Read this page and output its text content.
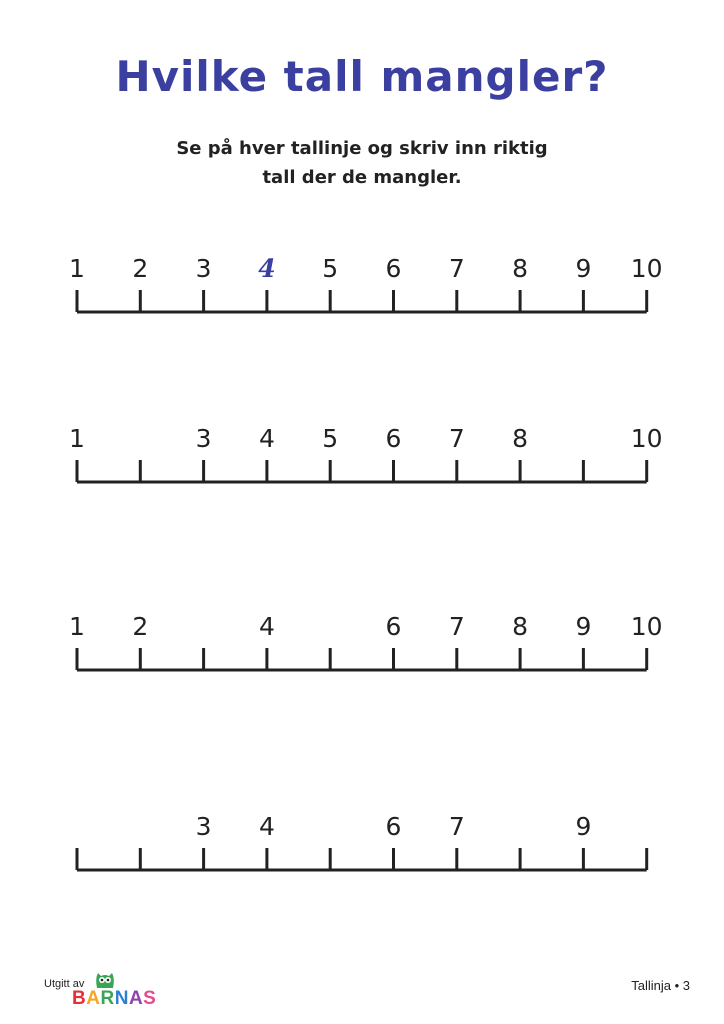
Hvilke tall mangler?
Se på hver tallinje og skriv inn riktig
tall der de mangler.
1	2	3	4	5	6	7	8	9	10
1	3	4	5	6	7	8	10
1	2	4	6	7	8	9	10
3	4	6	7	9
Utgitt av
BARNAS
Tallinja • 3
